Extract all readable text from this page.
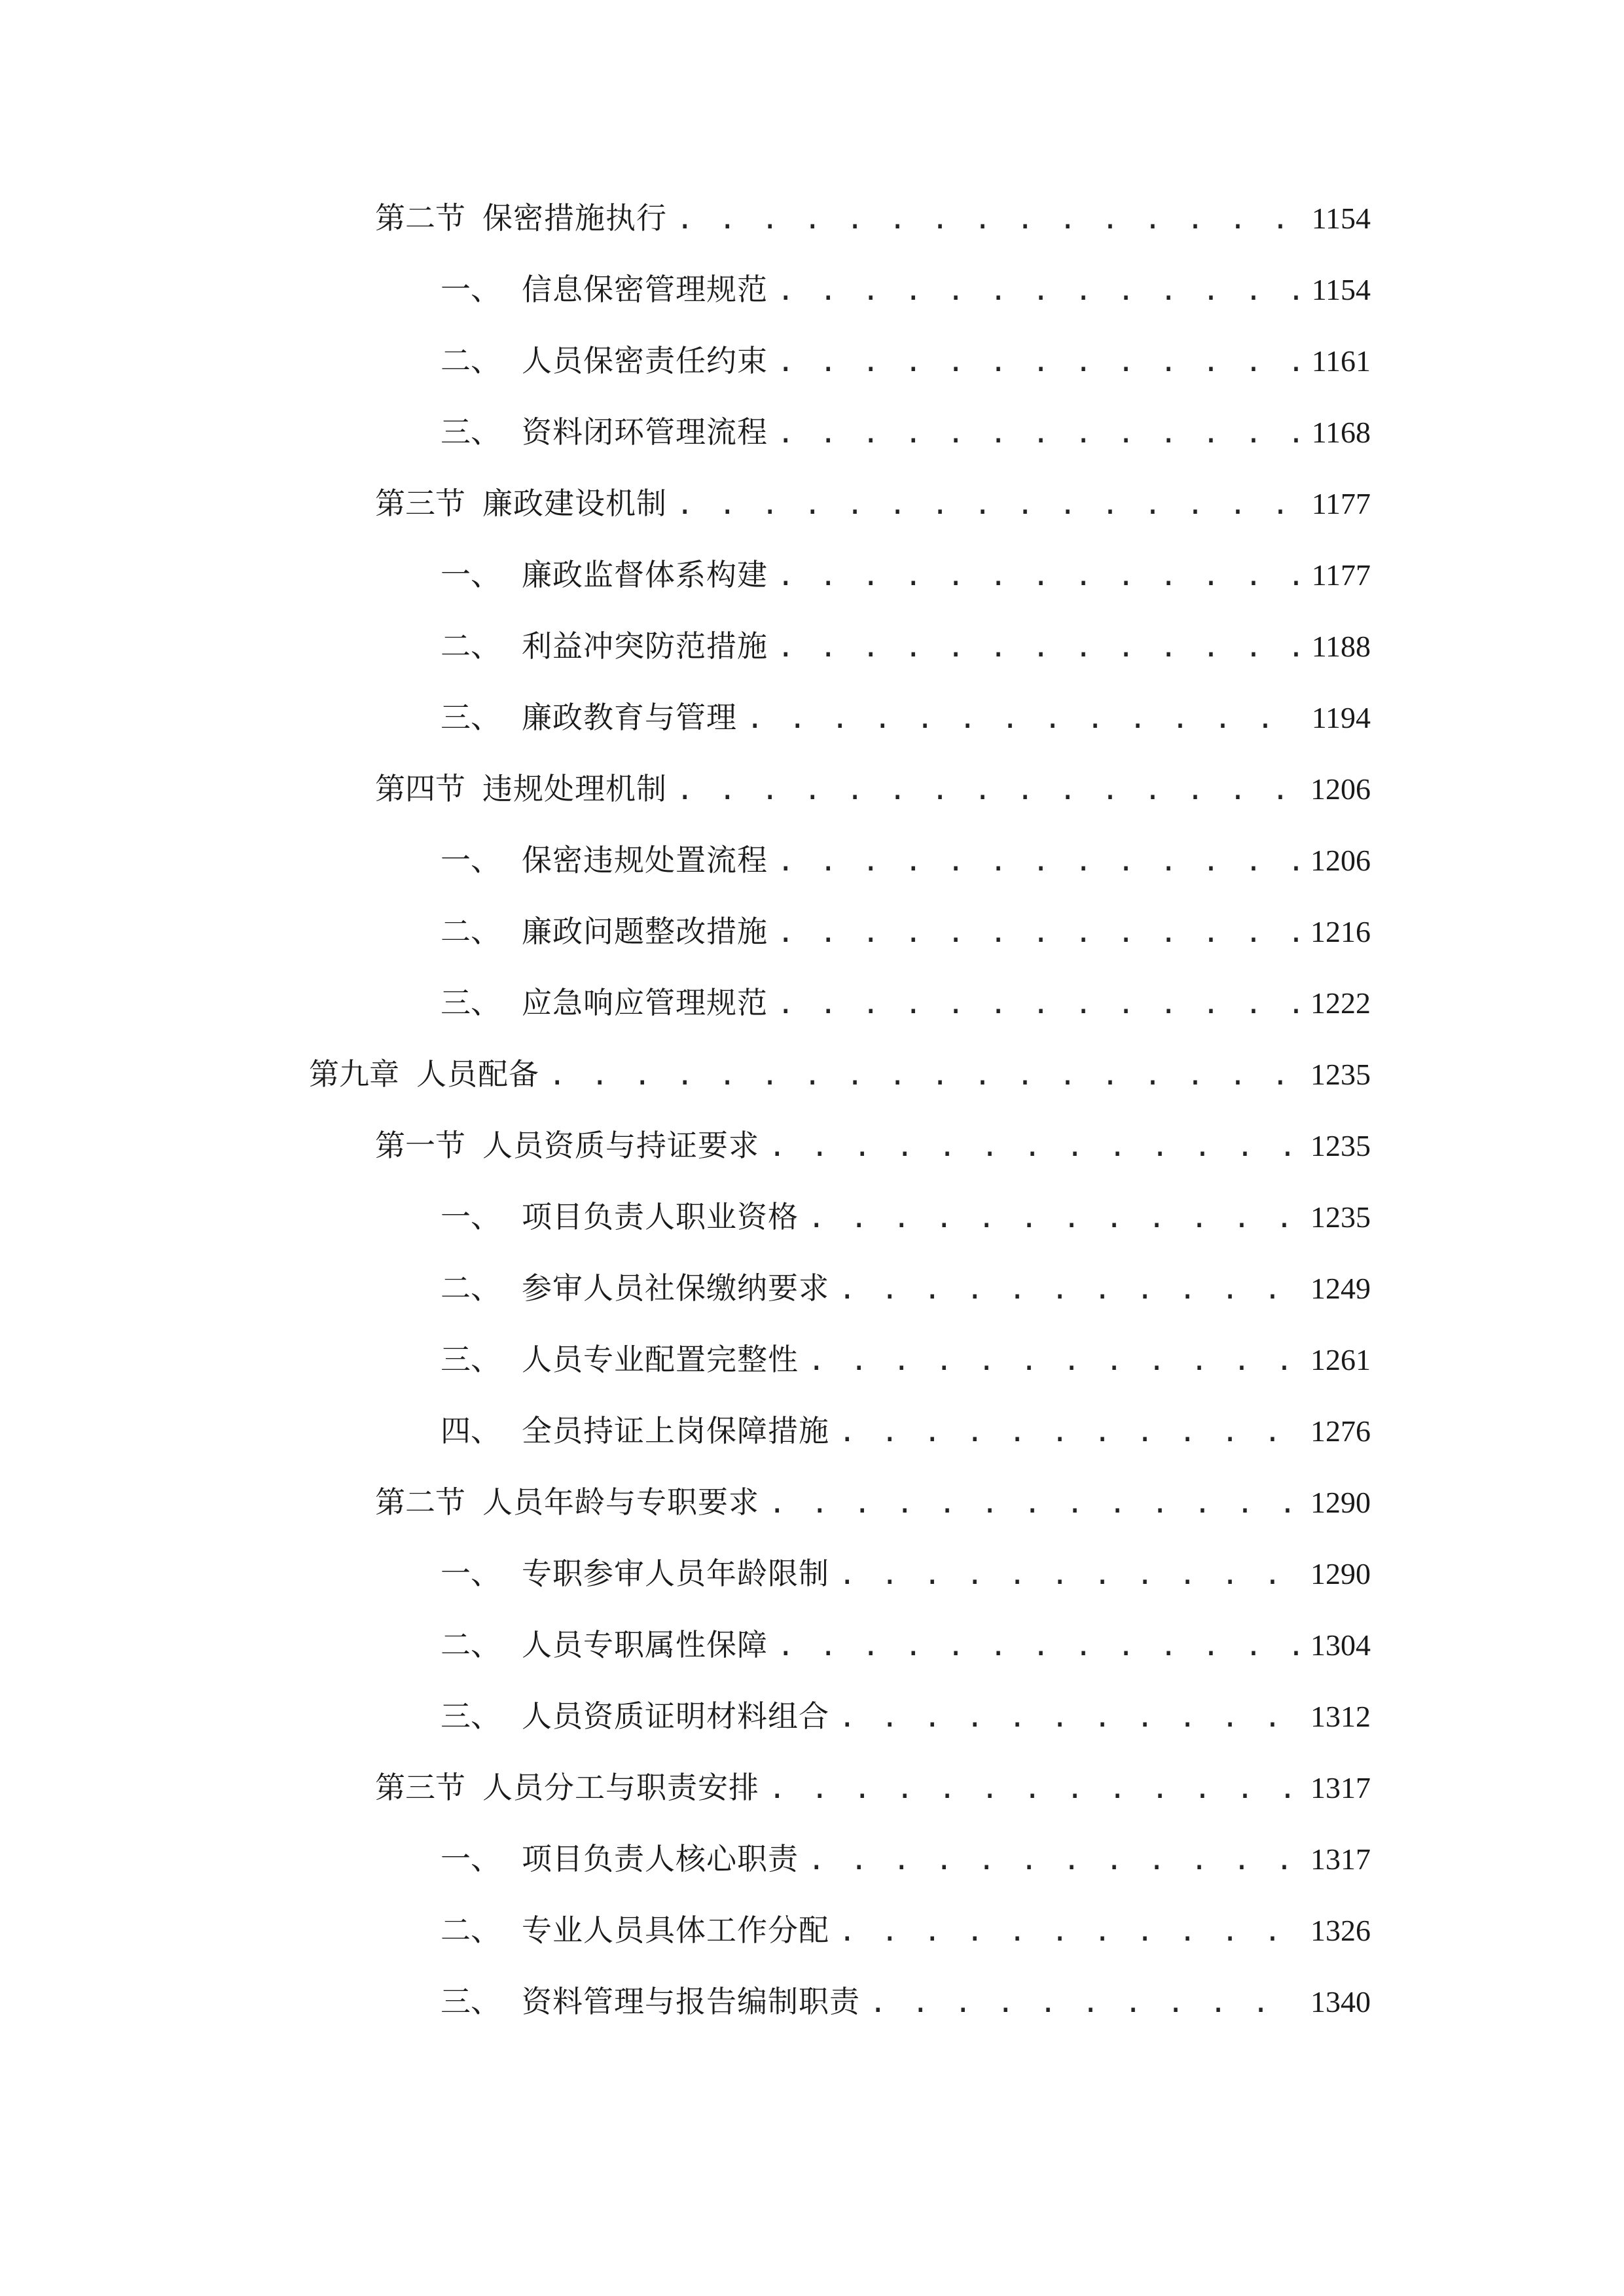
第二节 保密措施执行 . . .	1154
一、 信息保密管理规范 . . .	1154
二、 人员保密责任约束 . . .	1161
三、 资料闭环管理流程 . . .	1168
第三节 廉政建设机制 . . .	1177
一、 廉政监督体系构建 . . .	1177
二、 利益冲突防范措施 . . .	1188
三、 廉政教育与管理 . . .	1194
第四节 违规处理机制 . . .	1206
一、 保密违规处置流程 . . .	1206
二、 廉政问题整改措施 . . .	1216
三、 应急响应管理规范 . . .	1222
第九章 人员配备 . . .	1235
第一节 人员资质与持证要求 . . .	1235
一、 项目负责人职业资格 . . .	1235
二、 参审人员社保缴纳要求 . . .	1249
三、 人员专业配置完整性 . . .	1261
四、 全员持证上岗保障措施 . . .	1276
第二节 人员年龄与专职要求 . . .	1290
一、 专职参审人员年龄限制 . . .	1290
二、 人员专职属性保障 . . .	1304
三、 人员资质证明材料组合 . . .	1312
第三节 人员分工与职责安排 . . .	1317
一、 项目负责人核心职责 . . .	1317
二、 专业人员具体工作分配 . . .	1326
三、 资料管理与报告编制职责 . . .	1340
